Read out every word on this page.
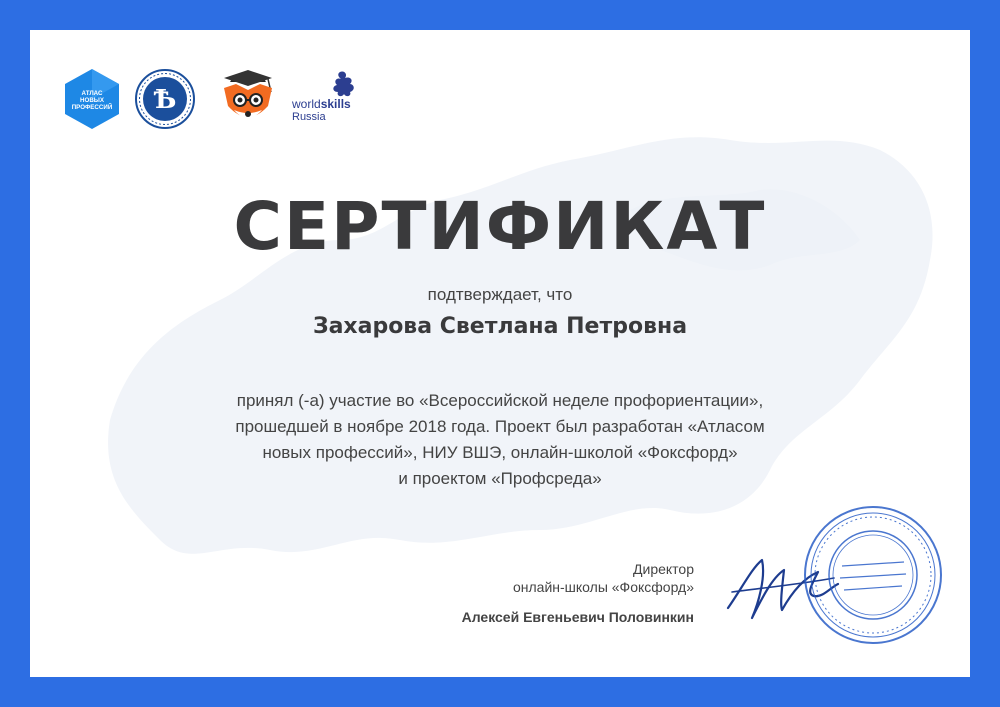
АТЛАС
НОВЫХ
ПРОФЕССИЙ Ѣ	worldskills
Russia
СЕРТИФИКАТ
подтверждает, что
Захарова Светлана Петровна
принял (-а) участие во «Всероссийской неделе профориентации»,
прошедшей в ноябре 2018 года. Проект был разработан «Атласом
новых профессий», НИУ ВШЭ, онлайн-школой «Фоксфорд»
и проектом «Профсреда»
Директор
онлайн-школы «Фоксфорд»
Алексей Евгеньевич Половинкин
